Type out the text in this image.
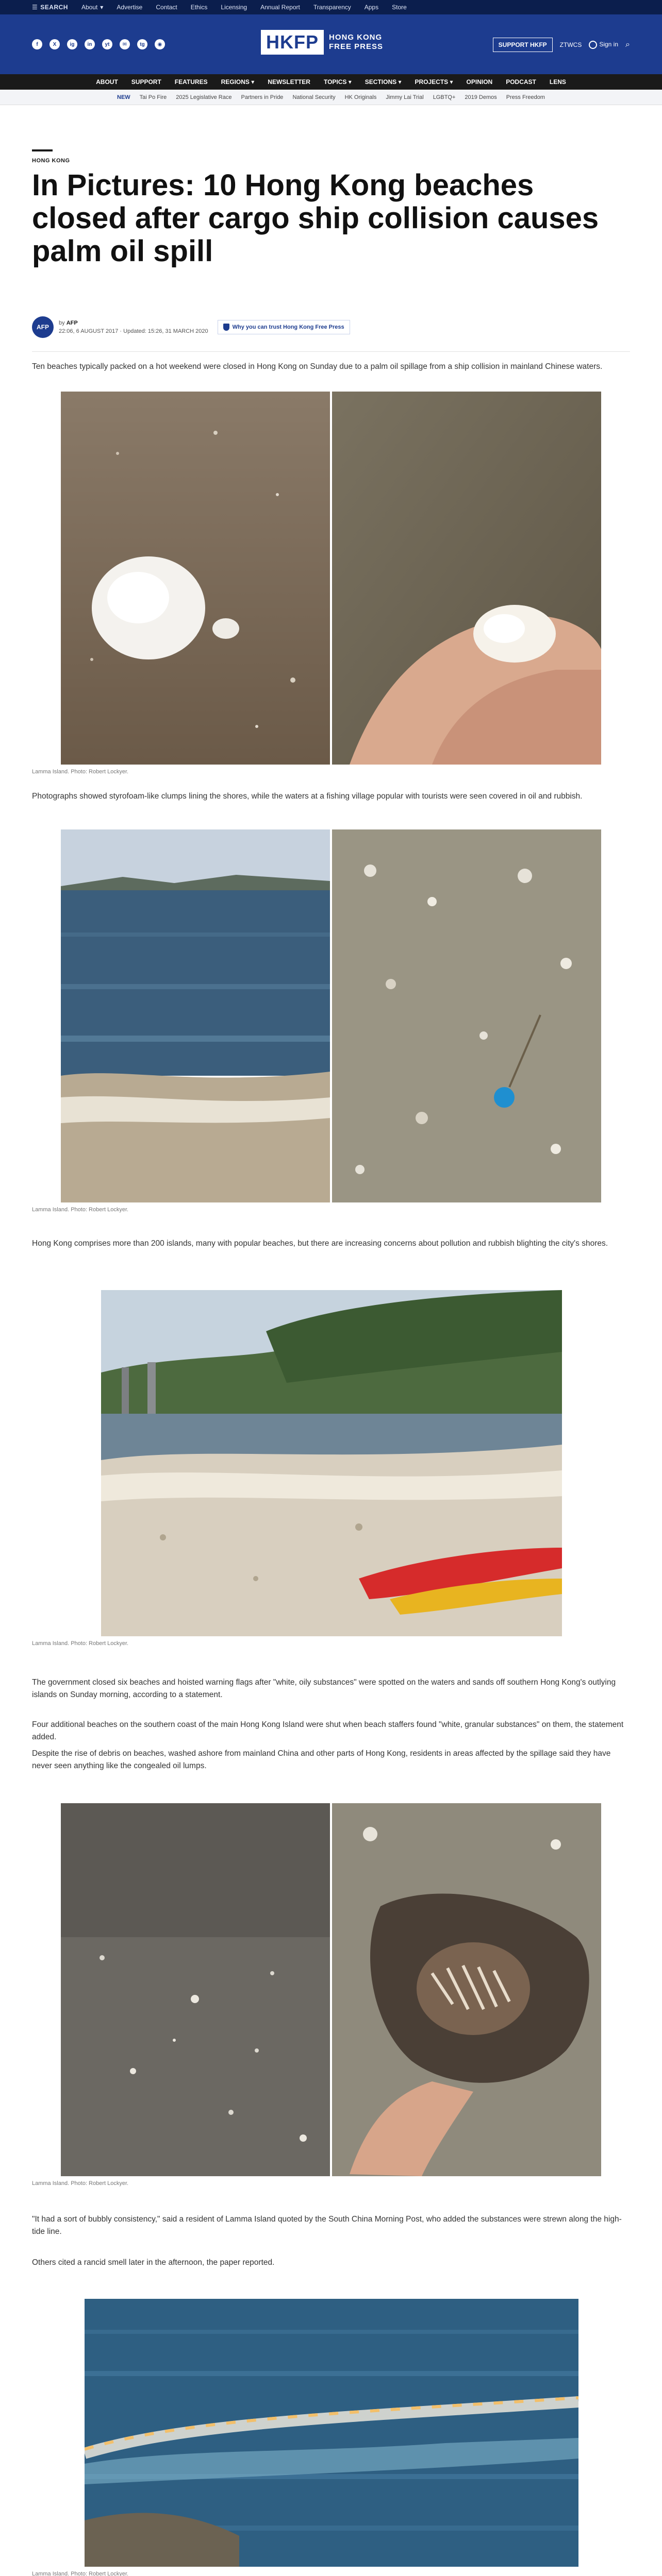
☰ SEARCH About ▾ Advertise Contact Ethics Licensing Annual Report Transparency Apps Store
f	X	ig	in	yt	✉	tg	◉	HKFP	HONG KONG
FREE PRESS	SUPPORT HKFP	ZTWCS	Sign in ⌕
ABOUT SUPPORT FEATURES REGIONS ▾ NEWSLETTER TOPICS ▾ SECTIONS ▾ PROJECTS ▾ OPINION PODCAST LENS
NEW Tai Po Fire 2025 Legislative Race Partners in Pride National Security HK Originals Jimmy Lai Trial LGBTQ+ 2019 Demos Press Freedom
HONG KONG
In Pictures: 10 Hong Kong beaches closed after cargo ship collision causes palm oil spill
AFP
by AFP
22:06, 6 AUGUST 2017 · Updated: 15:26, 31 MARCH 2020
Why you can trust Hong Kong Free Press

Ten beaches typically packed on a hot weekend were closed in Hong Kong on Sunday due to a palm oil spillage from a ship collision in mainland Chinese waters.

Lamma Island. Photo: Robert Lockyer.

Photographs showed styrofoam-like clumps lining the shores, while the waters at a fishing village popular with tourists were seen covered in oil and rubbish.

Lamma Island. Photo: Robert Lockyer.

Hong Kong comprises more than 200 islands, many with popular beaches, but there are increasing concerns about pollution and rubbish blighting the city's shores.

Lamma Island. Photo: Robert Lockyer.

The government closed six beaches and hoisted warning flags after "white, oily substances" were spotted on the waters and sands off southern Hong Kong's outlying islands on Sunday morning, according to a statement.

Four additional beaches on the southern coast of the main Hong Kong Island were shut when beach staffers found "white, granular substances" on them, the statement added.

Despite the rise of debris on beaches, washed ashore from mainland China and other parts of Hong Kong, residents in areas affected by the spillage said they have never seen anything like the congealed oil lumps.

Lamma Island. Photo: Robert Lockyer.

"It had a sort of bubbly consistency," said a resident of Lamma Island quoted by the South China Morning Post, who added the substances were strewn along the high-tide line.

Others cited a rancid smell later in the afternoon, the paper reported.

Lamma Island. Photo: Robert Lockyer.
